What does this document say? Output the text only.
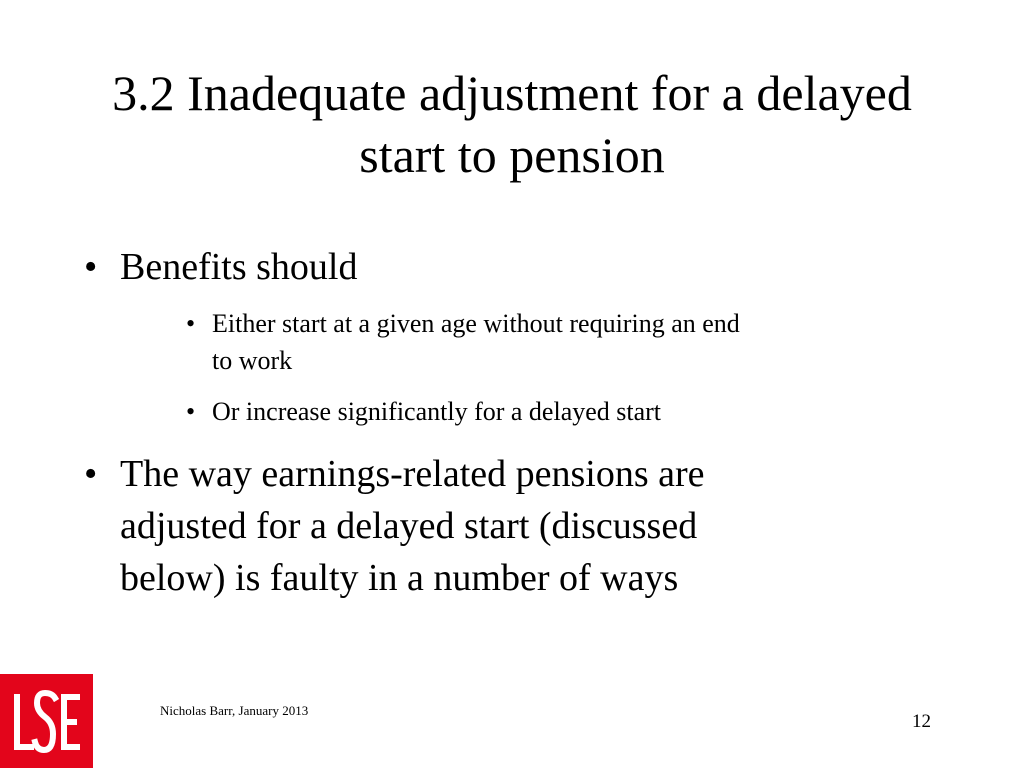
3.2 Inadequate adjustment for a delayed
start to pension
• Benefits should
• Either start at a given age without requiring an end
to work
• Or increase significantly for a delayed start
• The way earnings-related pensions are
adjusted for a delayed start (discussed
below) is faulty in a number of ways
Nicholas Barr, January 2013
12
